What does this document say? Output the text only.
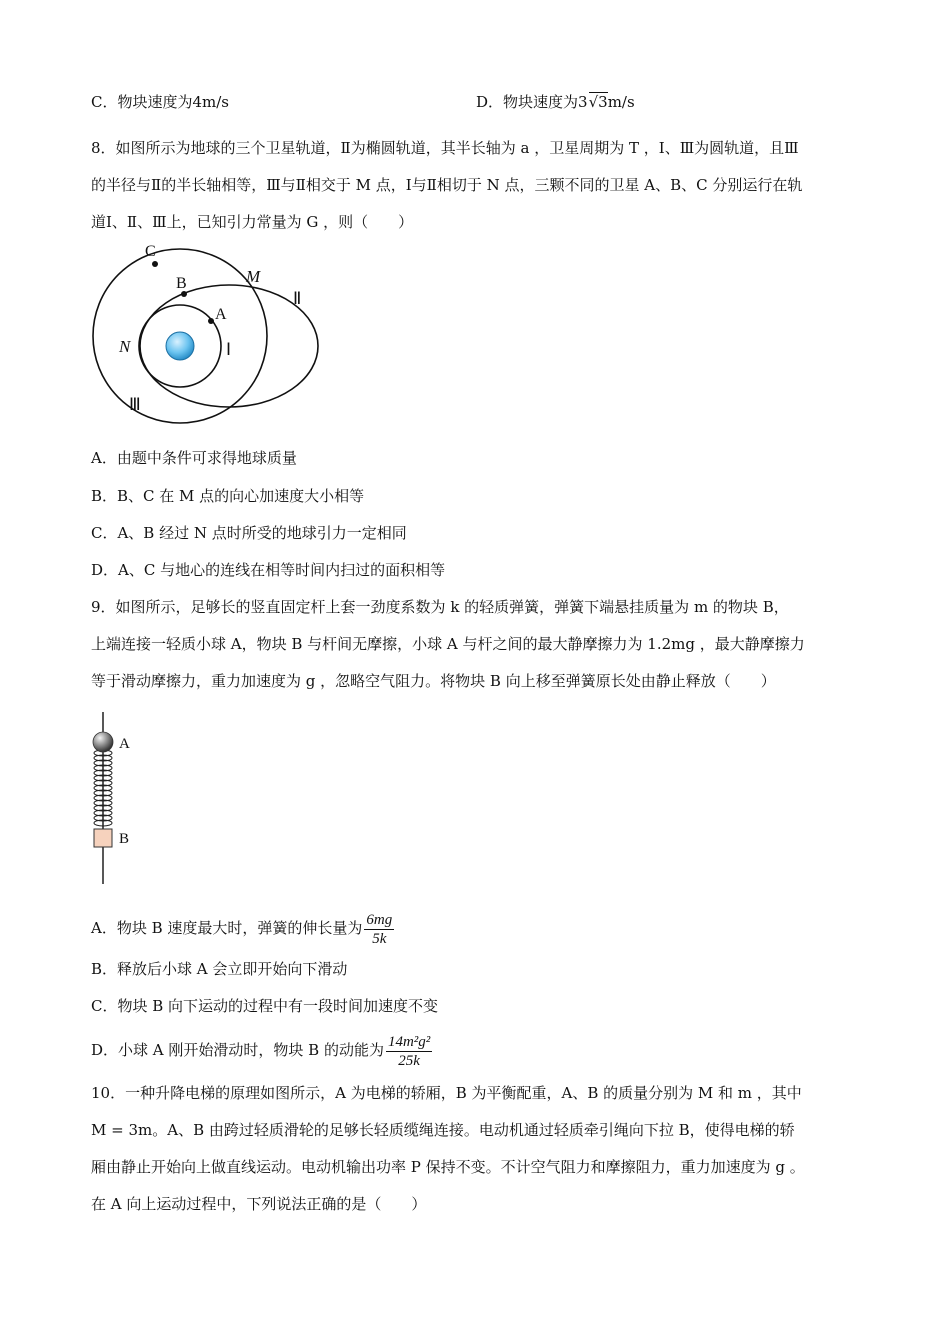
C．物块速度为4m/s	D．物块速度为3√3m/s
8．如图所示为地球的三个卫星轨道，Ⅱ为椭圆轨道，其半长轴为 a ，卫星周期为 T ，Ⅰ、Ⅲ为圆轨道，且Ⅲ
的半径与Ⅱ的半长轴相等，Ⅲ与Ⅱ相交于 M 点，Ⅰ与Ⅱ相切于 N 点，三颗不同的卫星 A、B、C 分别运行在轨
道Ⅰ、Ⅱ、Ⅲ上，已知引力常量为 G ，则（　　）
C
B
A
M
N	Ⅰ
Ⅱ
Ⅲ
A．由题中条件可求得地球质量
B．B、C 在 M 点的向心加速度大小相等
C．A、B 经过 N 点时所受的地球引力一定相同
D．A、C 与地心的连线在相等时间内扫过的面积相等
9．如图所示，足够长的竖直固定杆上套一劲度系数为 k 的轻质弹簧，弹簧下端悬挂质量为 m 的物块 B，
上端连接一轻质小球 A，物块 B 与杆间无摩擦，小球 A 与杆之间的最大静摩擦力为 1.2mg ，最大静摩擦力
等于滑动摩擦力，重力加速度为 g ，忽略空气阻力。将物块 B 向上移至弹簧原长处由静止释放（　　）
A
B
A．物块 B 速度最大时，弹簧的伸长量为 $\frac{6mg}{5k}$
B．释放后小球 A 会立即开始向下滑动
C．物块 B 向下运动的过程中有一段时间加速度不变
D．小球 A 刚开始滑动时，物块 B 的动能为 $\frac{\text{14m²g²}}{25k}$
10．一种升降电梯的原理如图所示，A 为电梯的轿厢，B 为平衡配重，A、B 的质量分别为 M 和 m ，其中
M = 3m。A、B 由跨过轻质滑轮的足够长轻质缆绳连接。电动机通过轻质牵引绳向下拉 B，使得电梯的轿
厢由静止开始向上做直线运动。电动机输出功率 P 保持不变。不计空气阻力和摩擦阻力，重力加速度为 g 。
在 A 向上运动过程中，下列说法正确的是（　　）
